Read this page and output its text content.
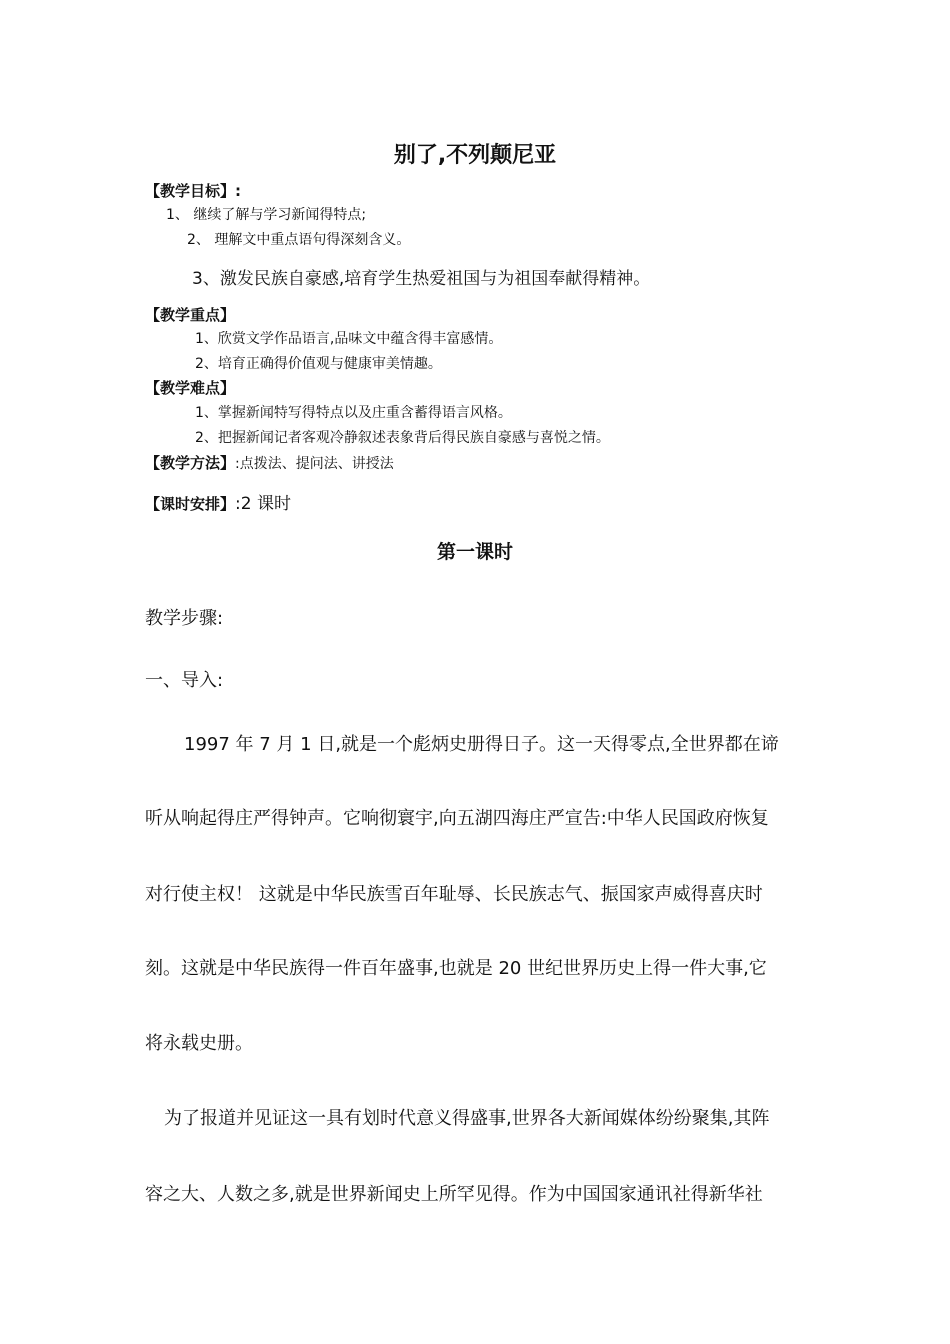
别了,不列颠尼亚
【教学目标】:
1、 继续了解与学习新闻得特点;
2、 理解文中重点语句得深刻含义。
3、激发民族自豪感,培育学生热爱祖国与为祖国奉献得精神。
【教学重点】
1、欣赏文学作品语言,品味文中蕴含得丰富感情。
2、培育正确得价值观与健康审美情趣。
【教学难点】
1、掌握新闻特写得特点以及庄重含蓄得语言风格。
2、把握新闻记者客观冷静叙述表象背后得民族自豪感与喜悦之情。
【教学方法】:点拨法、提问法、讲授法
【课时安排】:2 课时
第一课时
教学步骤:
一、导入:
1997 年 7 月 1 日,就是一个彪炳史册得日子。这一天得零点,全世界都在谛
听从响起得庄严得钟声。它响彻寰宇,向五湖四海庄严宣告:中华人民国政府恢复
对行使主权！ 这就是中华民族雪百年耻辱、长民族志气、振国家声威得喜庆时
刻。这就是中华民族得一件百年盛事,也就是 20 世纪世界历史上得一件大事,它
将永载史册。
为了报道并见证这一具有划时代意义得盛事,世界各大新闻媒体纷纷聚集,其阵
容之大、人数之多,就是世界新闻史上所罕见得。作为中国国家通讯社得新华社
